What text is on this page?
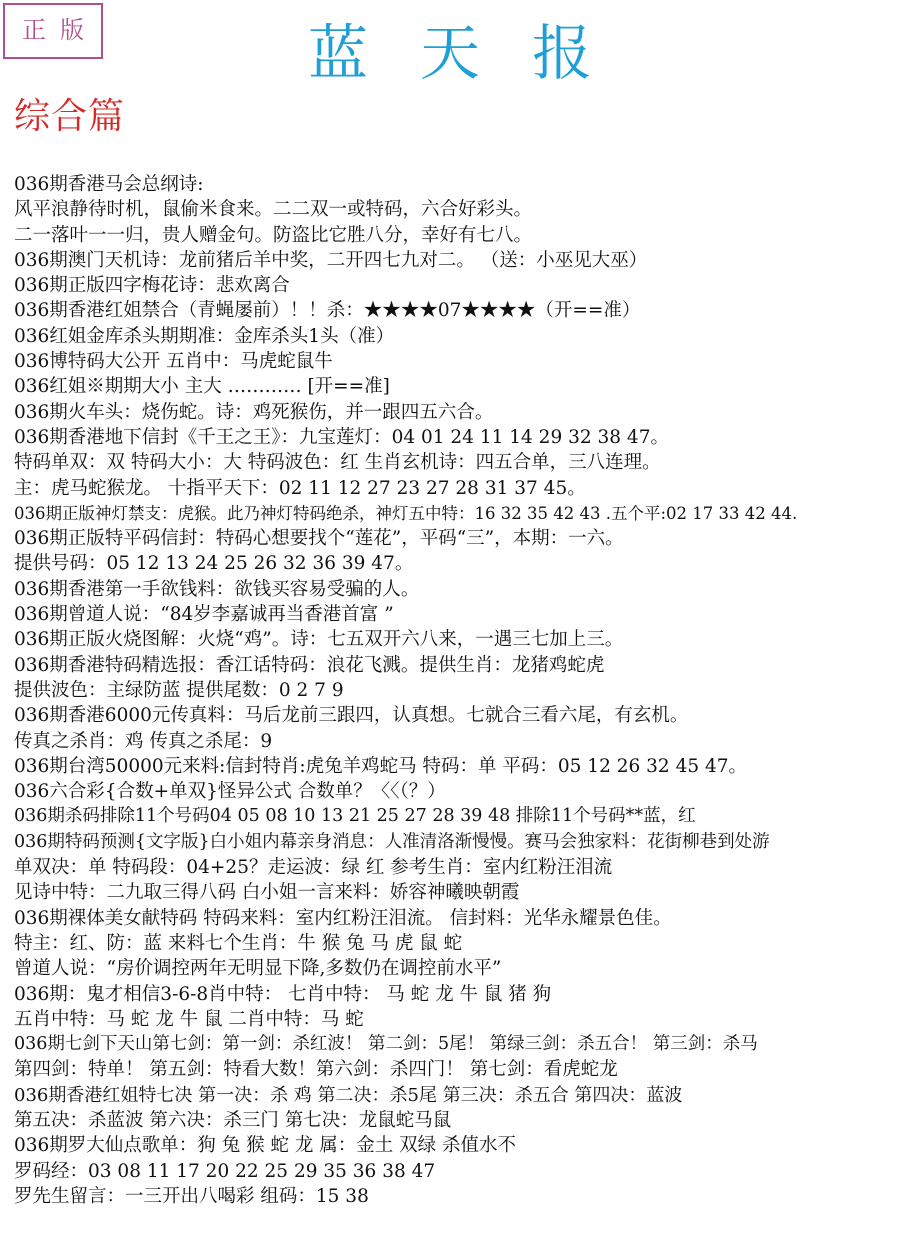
正版	蓝天报
综合篇
036期香港马会总纲诗:
风平浪静待时机，鼠偷米食来。二二双一或特码，六合好彩头。
二一落叶一一归，贵人赠金句。防盗比它胜八分，幸好有七八。
036期澳门天机诗：龙前猪后羊中奖，二开四七九对二。 （送：小巫见大巫）
036期正版四字梅花诗：悲欢离合
036期香港红姐禁合（青蝇屡前）！！杀：★★★★07★★★★（开==准）
036红姐金库杀头期期准：金库杀头1头（准）
036博特码大公开 五肖中：马虎蛇鼠牛
036红姐※期期大小 主大 ………… [开==准]
036期火车头：烧伤蛇。诗：鸡死猴伤，并一跟四五六合。
036期香港地下信封《千王之王》：九宝莲灯：04 01 24 11 14 29 32 38 47。
特码单双：双 特码大小：大 特码波色：红 生肖玄机诗：四五合单，三八连理。
主：虎马蛇猴龙。 十指平天下：02 11 12 27 23 27 28 31 37 45。
036期正版神灯禁支：虎猴。此乃神灯特码绝杀，神灯五中特：16 32 35 42 43 .五个平:02 17 33 42 44.
036期正版特平码信封：特码心想要找个“莲花”，平码“三”，本期：一六。
提供号码：05 12 13 24 25 26 32 36 39 47。
036期香港第一手欲钱料：欲钱买容易受骗的人。
036期曾道人说：“84岁李嘉诚再当香港首富 ”
036期正版火烧图解：火烧“鸡”。诗：七五双开六八来，一遇三七加上三。
036期香港特码精选报：香江话特码：浪花飞溅。提供生肖：龙猪鸡蛇虎
提供波色：主绿防蓝 提供尾数：0 2 7 9
036期香港6000元传真料：马后龙前三跟四，认真想。七就合三看六尾，有玄机。
传真之杀肖：鸡 传真之杀尾：9
036期台湾50000元来料:信封特肖:虎兔羊鸡蛇马 特码：单 平码：05 12 26 32 45 47。
036六合彩{合数+单双}怪异公式 合数单？〈〈（？）
036期杀码排除11个号码04 05 08 10 13 21 25 27 28 39 48 排除11个号码**蓝，红
036期特码预测{文字版}白小姐内幕亲身消息：人准清洛渐慢慢。赛马会独家料：花街柳巷到处游
单双决：单 特码段：04+25？走运波：绿 红 参考生肖：室内红粉汪泪流
见诗中特：二九取三得八码 白小姐一言来料：娇容神曦映朝霞
036期裸体美女献特码 特码来料：室内红粉汪泪流。 信封料：光华永耀景色佳。
特主：红、防：蓝 来料七个生肖：牛 猴 兔 马 虎 鼠 蛇
曾道人说：“房价调控两年无明显下降,多数仍在调控前水平”
036期：鬼才相信3-6-8肖中特： 七肖中特： 马 蛇 龙 牛 鼠 猪 狗
五肖中特：马 蛇 龙 牛 鼠 二肖中特：马 蛇
036期七剑下天山第七剑：第一剑：杀红波！ 第二剑：5尾！ 第绿三剑：杀五合！ 第三剑：杀马
第四剑：特单！ 第五剑：特看大数！第六剑：杀四门！ 第七剑：看虎蛇龙
036期香港红姐特七决 第一决：杀 鸡 第二决：杀5尾 第三决：杀五合 第四决：蓝波
第五决：杀蓝波 第六决：杀三门 第七决：龙鼠蛇马鼠
036期罗大仙点歌单：狗 兔 猴 蛇 龙 属：金土 双绿 杀值水不
罗码经：03 08 11 17 20 22 25 29 35 36 38 47
罗先生留言：一三开出八喝彩 组码：15 38
